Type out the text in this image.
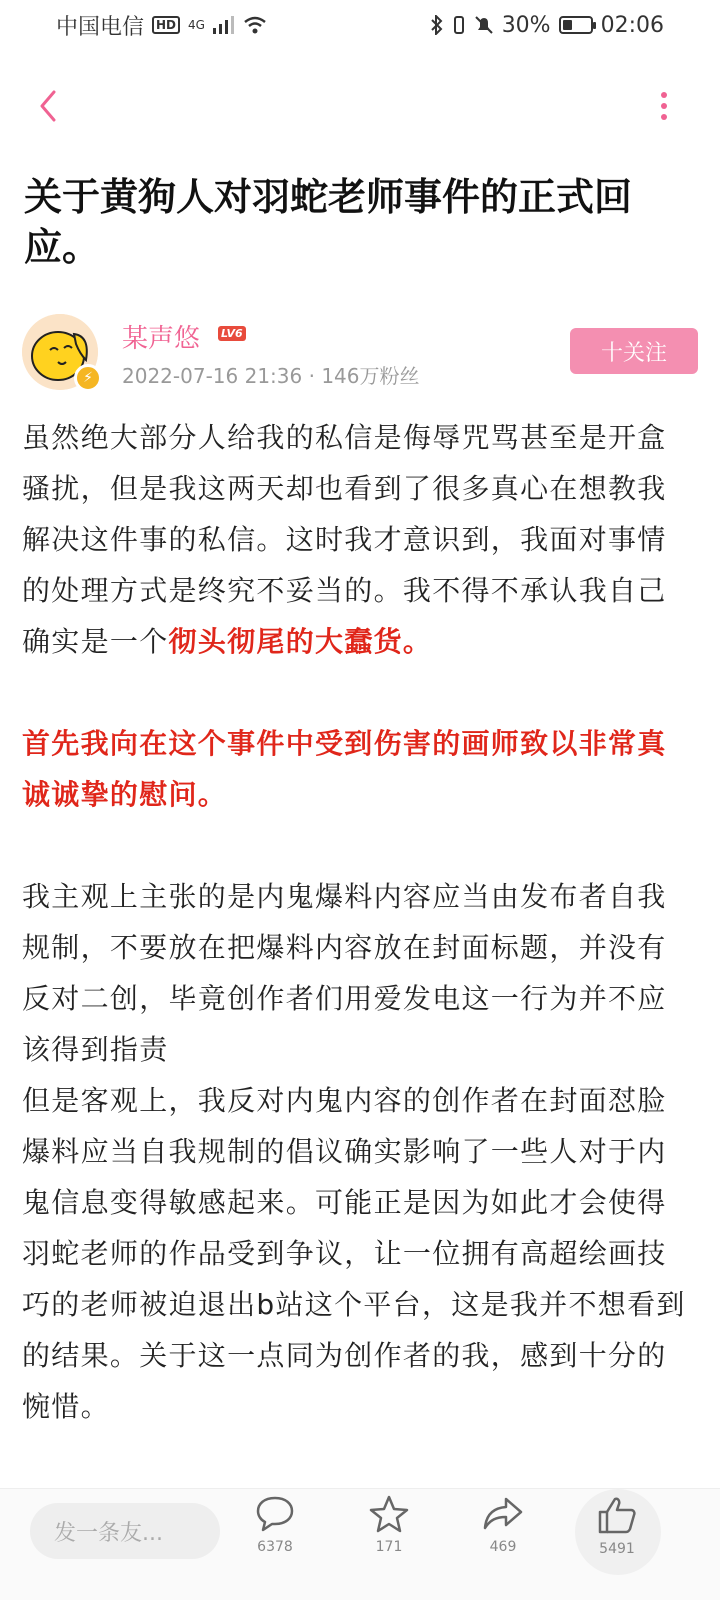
中国电信	HD	4G	30% 02:06
关于黄狗人对羽蛇老师事件的正式回应。
⚡
某声悠 LV6
2022-07-16 21:36 · 146万粉丝
十关注

虽然绝大部分人给我的私信是侮辱咒骂甚至是开盒骚扰，但是我这两天却也看到了很多真心在想教我解决这件事的私信。这时我才意识到，我面对事情的处理方式是终究不妥当的。我不得不承认我自己确实是一个彻头彻尾的大蠢货。

首先我向在这个事件中受到伤害的画师致以非常真诚诚挚的慰问。

我主观上主张的是内鬼爆料内容应当由发布者自我规制，不要放在把爆料内容放在封面标题，并没有反对二创，毕竟创作者们用爱发电这一行为并不应该得到指责

但是客观上，我反对内鬼内容的创作者在封面怼脸爆料应当自我规制的倡议确实影响了一些人对于内鬼信息变得敏感起来。可能正是因为如此才会使得羽蛇老师的作品受到争议，让一位拥有高超绘画技巧的老师被迫退出b站这个平台，这是我并不想看到的结果。关于这一点同为创作者的我，感到十分的惋惜。

发一条友...
6378	171	469	5491
